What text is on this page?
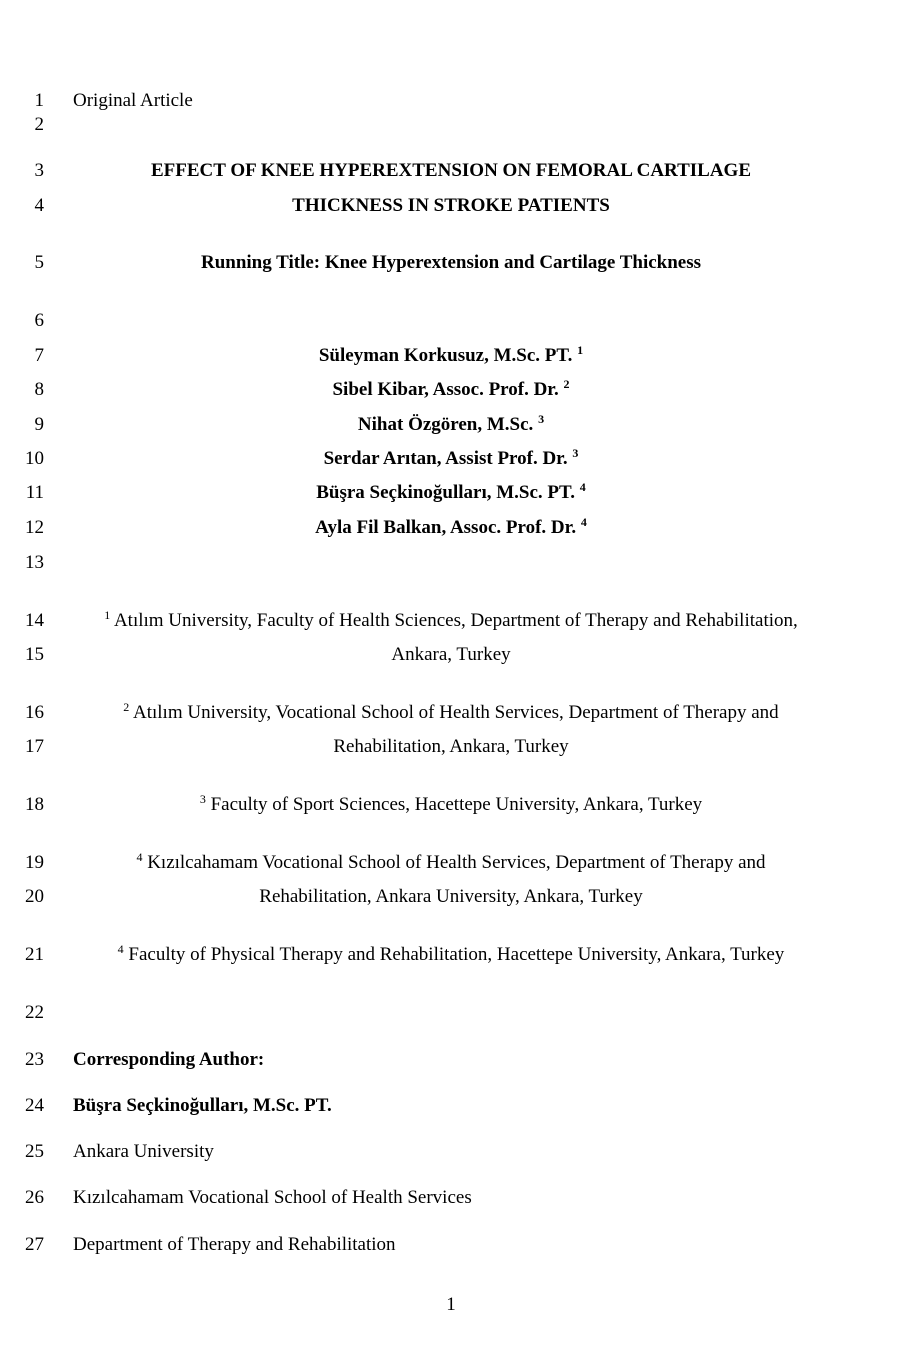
1
2
3
4
5
6
7
8
9
10
11
12
13
14
15
16
17
18
19
20
21
22
23
24
25
26
27
Original Article
EFFECT OF KNEE HYPEREXTENSION ON FEMORAL CARTILAGE
THICKNESS IN STROKE PATIENTS
Running Title: Knee Hyperextension and Cartilage Thickness
Süleyman Korkusuz, M.Sc. PT. $^1$
Sibel Kibar, Assoc. Prof. Dr. $^2$
Nihat Özgören, M.Sc. $^3$
Serdar Arıtan, Assist Prof. Dr. $^3$
Büşra Seçkinoğulları, M.Sc. PT. $^4$
Ayla Fil Balkan, Assoc. Prof. Dr. $^4$
$^1$ Atılım University, Faculty of Health Sciences, Department of Therapy and Rehabilitation,
Ankara, Turkey
$^2$ Atılım University, Vocational School of Health Services, Department of Therapy and
Rehabilitation, Ankara, Turkey
$^3$ Faculty of Sport Sciences, Hacettepe University, Ankara, Turkey
$^4$ Kızılcahamam Vocational School of Health Services, Department of Therapy and
Rehabilitation, Ankara University, Ankara, Turkey
$^4$ Faculty of Physical Therapy and Rehabilitation, Hacettepe University, Ankara, Turkey
Corresponding Author:
Büşra Seçkinoğulları, M.Sc. PT.
Ankara University
Kızılcahamam Vocational School of Health Services
Department of Therapy and Rehabilitation
1
